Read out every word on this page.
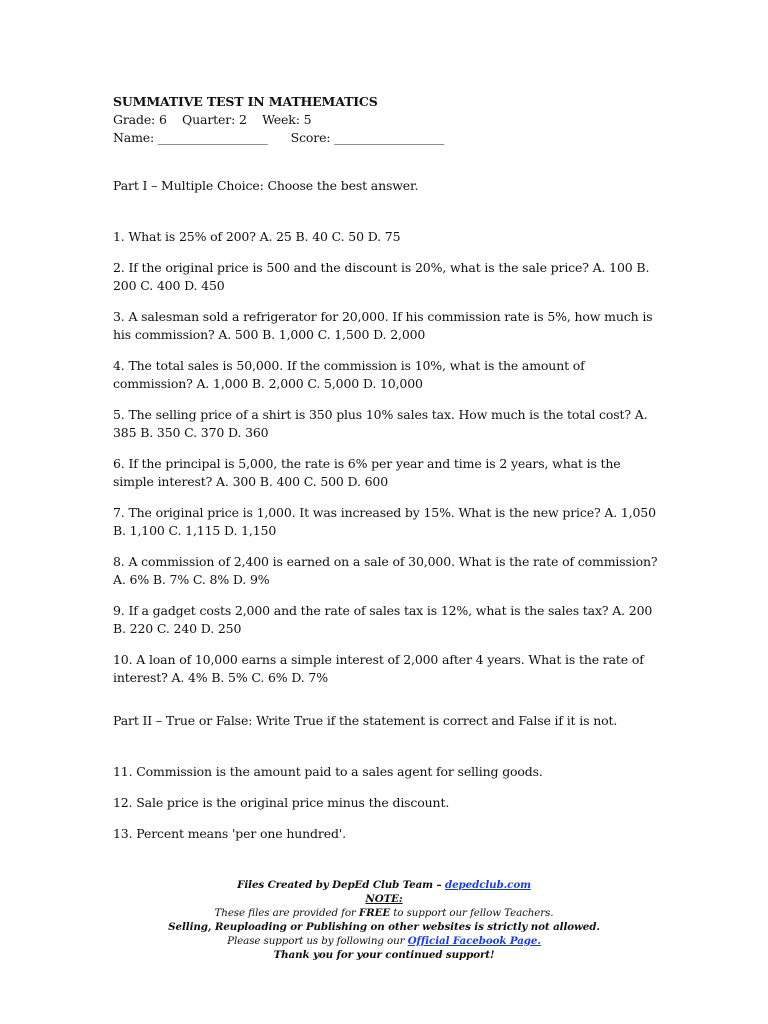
SUMMATIVE TEST IN MATHEMATICS

Grade: 6    Quarter: 2    Week: 5

Name: __________________      Score: __________________

Part I – Multiple Choice: Choose the best answer.

1. What is 25% of 200? A. 25 B. 40 C. 50 D. 75

2. If the original price is 500 and the discount is 20%, what is the sale price? A. 100 B. 200 C. 400 D. 450

3. A salesman sold a refrigerator for 20,000. If his commission rate is 5%, how much is his commission? A. 500 B. 1,000 C. 1,500 D. 2,000

4. The total sales is 50,000. If the commission is 10%, what is the amount of commission? A. 1,000 B. 2,000 C. 5,000 D. 10,000

5. The selling price of a shirt is 350 plus 10% sales tax. How much is the total cost? A. 385 B. 350 C. 370 D. 360

6. If the principal is 5,000, the rate is 6% per year and time is 2 years, what is the simple interest? A. 300 B. 400 C. 500 D. 600

7. The original price is 1,000. It was increased by 15%. What is the new price? A. 1,050 B. 1,100 C. 1,115 D. 1,150

8. A commission of 2,400 is earned on a sale of 30,000. What is the rate of commission? A. 6% B. 7% C. 8% D. 9%

9. If a gadget costs 2,000 and the rate of sales tax is 12%, what is the sales tax? A. 200 B. 220 C. 240 D. 250

10. A loan of 10,000 earns a simple interest of 2,000 after 4 years. What is the rate of interest? A. 4% B. 5% C. 6% D. 7%

Part II – True or False: Write True if the statement is correct and False if it is not.

11. Commission is the amount paid to a sales agent for selling goods.

12. Sale price is the original price minus the discount.

13. Percent means 'per one hundred'.

Files Created by DepEd Club Team – depedclub.com
NOTE:
These files are provided for FREE to support our fellow Teachers.
Selling, Reuploading or Publishing on other websites is strictly not allowed.
Please support us by following our Official Facebook Page.
Thank you for your continued support!
